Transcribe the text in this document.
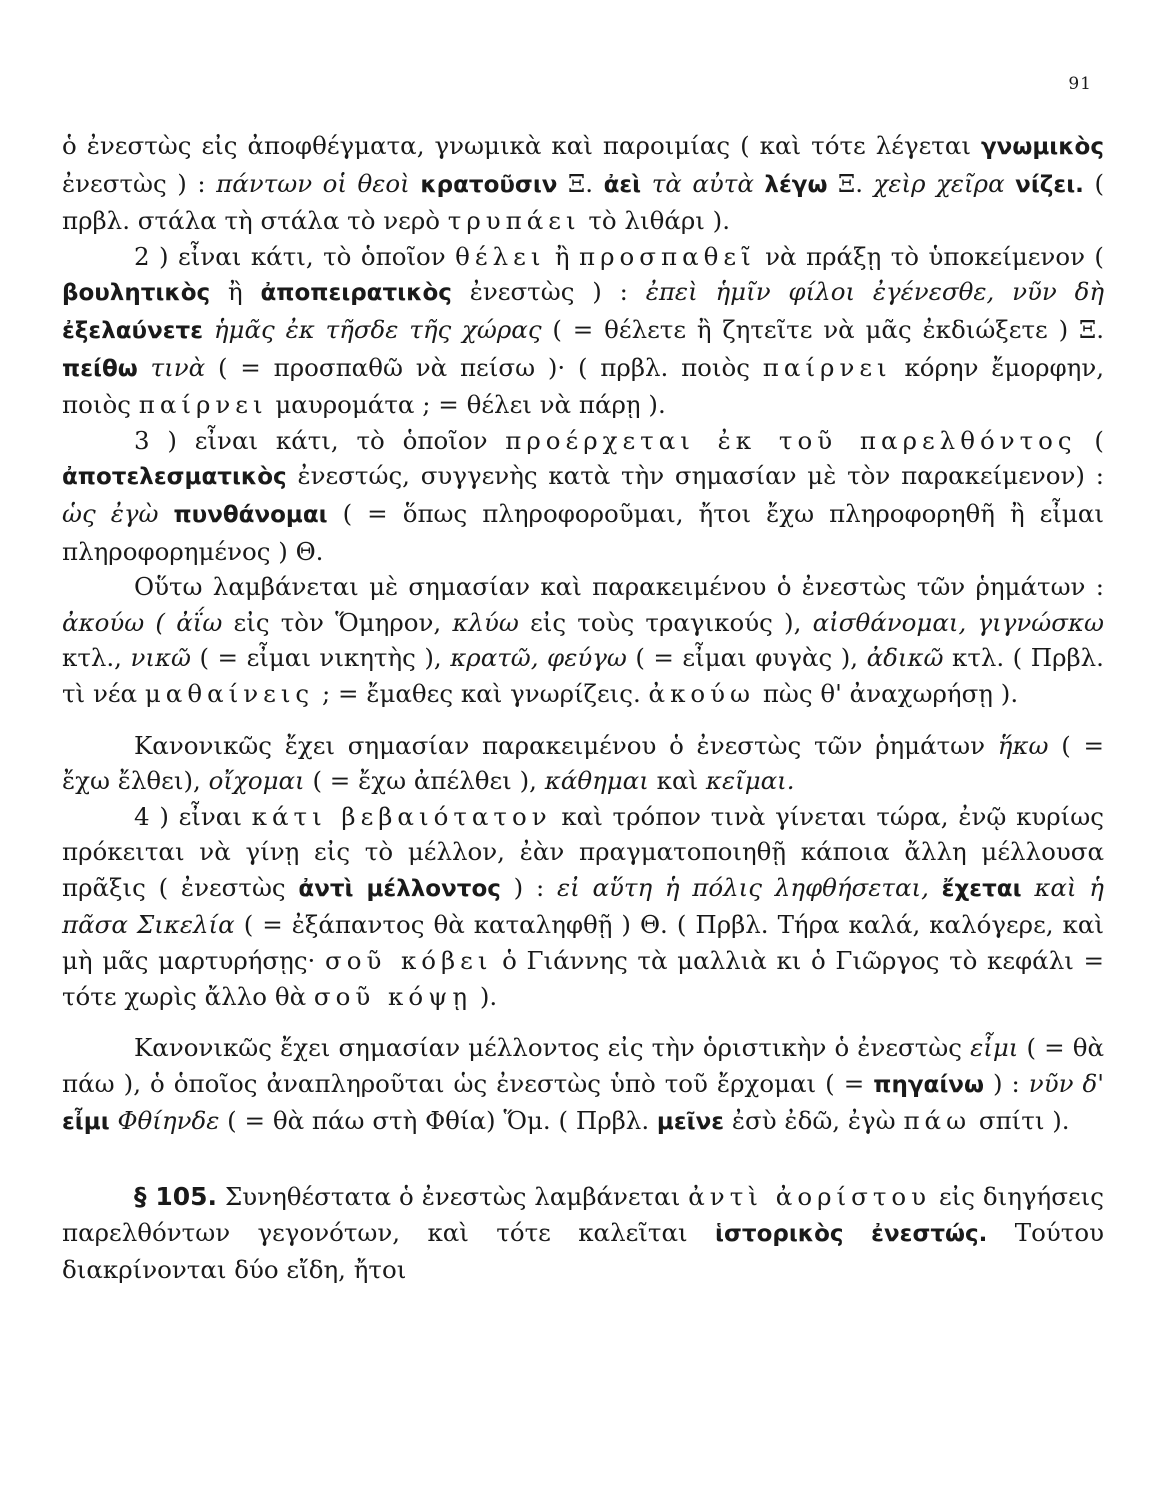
91

ὁ ἐνεστὼς εἰς ἀποφθέγματα, γνωμικὰ καὶ παροιμίας ( καὶ τότε λέγεται γνωμικὸς ἐνεστὼς ) : πάντων οἱ θεοὶ κρατοῦσιν Ξ. ἀεὶ τὰ αὐτὰ λέγω Ξ. χεὶρ χεῖρα νίζει. ( πρβλ. στάλα τὴ στάλα τὸ νερὸ τρυπάει τὸ λιθάρι ).

2 ) εἶναι κάτι, τὸ ὁποῖον θέλει ἢ προσπαθεῖ νὰ πράξῃ τὸ ὑποκείμενον ( βουλητικὸς ἢ ἀποπειρατικὸς ἐνεστὼς ) : ἐπεὶ ἡμῖν φίλοι ἐγένεσθε, νῦν δὴ ἐξελαύνετε ἡμᾶς ἐκ τῆσδε τῆς χώρας ( = θέλετε ἢ ζητεῖτε νὰ μᾶς ἐκδιώξετε ) Ξ. πείθω τινὰ ( = προσπαθῶ νὰ πείσω )· ( πρβλ. ποιὸς παίρνει κόρην ἔμορφην, ποιὸς παίρνει μαυρομάτα ; = θέλει νὰ πάρῃ ).

3 ) εἶναι κάτι, τὸ ὁποῖον προέρχεται ἐκ τοῦ παρελθόντος ( ἀποτελεσματικὸς ἐνεστώς, συγγενὴς κατὰ τὴν σημασίαν μὲ τὸν παρακείμενον) : ὡς ἐγὼ πυνθάνομαι ( = ὅπως πληροφοροῦμαι, ἤτοι ἔχω πληροφορηθῆ ἢ εἶμαι πληροφορημένος ) Θ.

Οὕτω λαμβάνεται μὲ σημασίαν καὶ παρακειμένου ὁ ἐνεστὼς τῶν ῥημάτων : ἀκούω ( ἀΐω εἰς τὸν Ὅμηρον, κλύω εἰς τοὺς τραγικούς ), αἰσθάνομαι, γιγνώσκω κτλ., νικῶ ( = εἶμαι νικητὴς ), κρατῶ, φεύγω ( = εἶμαι φυγὰς ), ἀδικῶ κτλ. ( Πρβλ. τὶ νέα μαθαίνεις ; = ἔμαθες καὶ γνωρίζεις. ἀκούω πὼς θ' ἀναχωρήσῃ ).

Κανονικῶς ἔχει σημασίαν παρακειμένου ὁ ἐνεστὼς τῶν ῥημάτων ἥκω ( = ἔχω ἔλθει), οἴχομαι ( = ἔχω ἀπέλθει ), κάθημαι καὶ κεῖμαι.

4 ) εἶναι κάτι βεβαιότατον καὶ τρόπον τινὰ γίνεται τώρα, ἐνῷ κυρίως πρόκειται νὰ γίνῃ εἰς τὸ μέλλον, ἐὰν πραγματοποιηθῇ κάποια ἄλλη μέλλουσα πρᾶξις ( ἐνεστὼς ἀντὶ μέλλοντος ) : εἰ αὕτη ἡ πόλις ληφθήσεται, ἔχεται καὶ ἡ πᾶσα Σικελία ( = ἐξάπαντος θὰ καταληφθῇ ) Θ. ( Πρβλ. Τήρα καλά, καλόγερε, καὶ μὴ μᾶς μαρτυρήσῃς· σοῦ κόβει ὁ Γιάννης τὰ μαλλιὰ κι ὁ Γιῶργος τὸ κεφάλι = τότε χωρὶς ἄλλο θὰ σοῦ κόψῃ ).

Κανονικῶς ἔχει σημασίαν μέλλοντος εἰς τὴν ὁριστικὴν ὁ ἐνεστὼς εἶμι ( = θὰ πάω ), ὁ ὁποῖος ἀναπληροῦται ὡς ἐνεστὼς ὑπὸ τοῦ ἔρχομαι ( = πηγαίνω ) : νῦν δ' εἶμι Φθίηνδε ( = θὰ πάω στὴ Φθία) Ὅμ. ( Πρβλ. μεῖνε ἐσὺ ἐδῶ, ἐγὼ πάω σπίτι ).

§ 105. Συνηθέστατα ὁ ἐνεστὼς λαμβάνεται ἀντὶ ἀορίστου εἰς διηγήσεις παρελθόντων γεγονότων, καὶ τότε καλεῖται ἱστορικὸς ἐνεστώς. Τούτου διακρίνονται δύο εἴδη, ἤτοι
